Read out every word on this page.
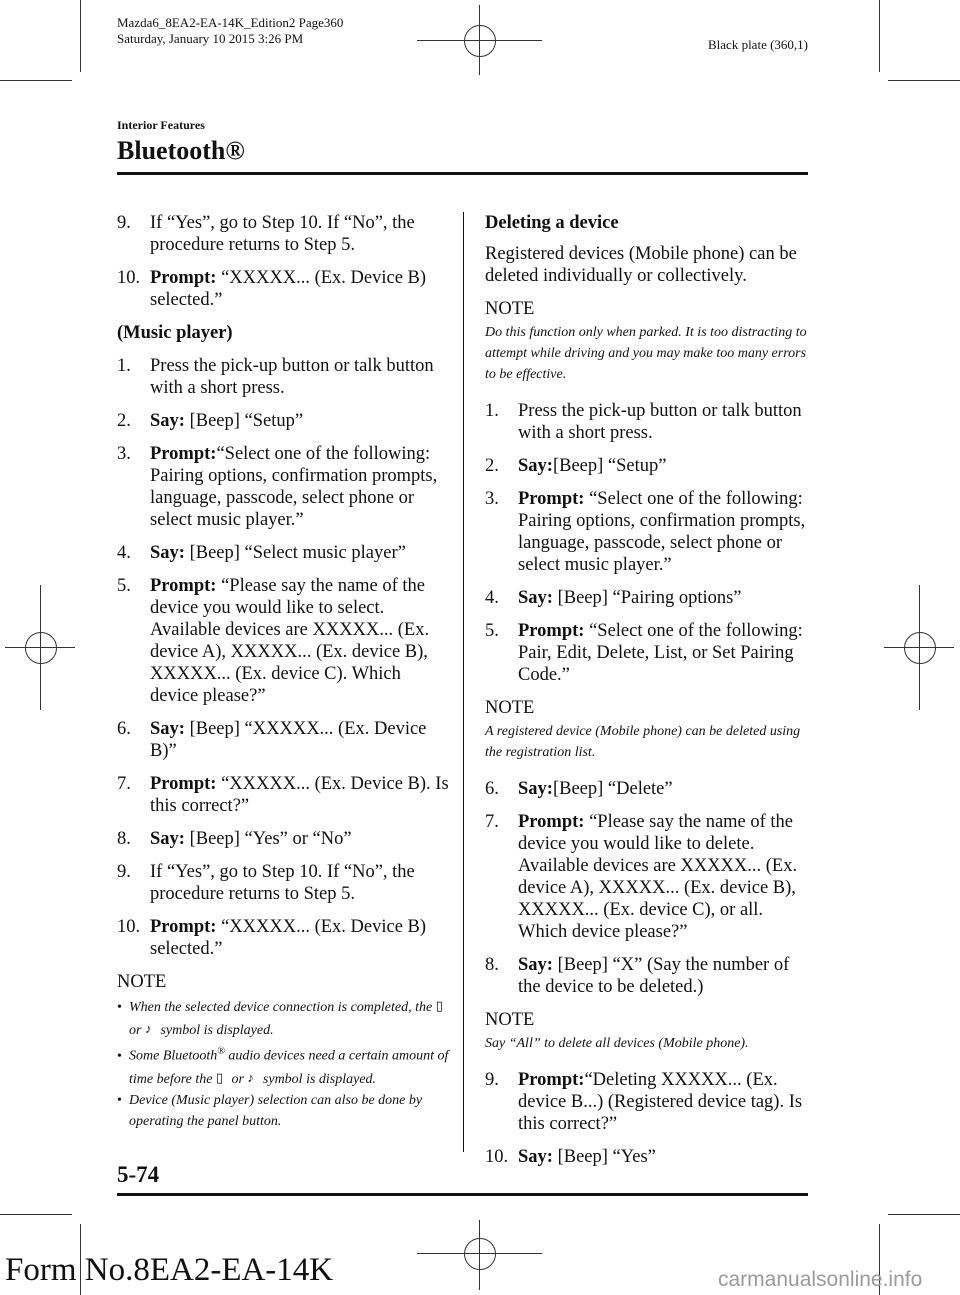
Mazda6_8EA2-EA-14K_Edition2 Page360
Saturday, January 10 2015 3:26 PM	Black plate (360,1)
Interior Features
Bluetooth®

9. If “Yes”, go to Step 10. If “No”, the procedure returns to Step 5.

10. Prompt: “XXXXX... (Ex. Device B) selected.”

(Music player)

1. Press the pick-up button or talk button with a short press.

2. Say: [Beep] “Setup”

3. Prompt:“Select one of the following: Pairing options, confirmation prompts, language, passcode, select phone or select music player.”

4. Say: [Beep] “Select music player”

5. Prompt: “Please say the name of the device you would like to select. Available devices are XXXXX... (Ex. device A), XXXXX... (Ex. device B), XXXXX... (Ex. device C). Which device please?”

6. Say: [Beep] “XXXXX... (Ex. Device B)”

7. Prompt: “XXXXX... (Ex. Device B). Is this correct?”

8. Say: [Beep] “Yes” or “No”

9. If “Yes”, go to Step 10. If “No”, the procedure returns to Step 5.

10. Prompt: “XXXXX... (Ex. Device B) selected.”

NOTE

• When the selected device connection is completed, the ▯ or ♪ symbol is displayed.

• Some Bluetooth® audio devices need a certain amount of time before the ▯ or ♪ symbol is displayed.

• Device (Music player) selection can also be done by operating the panel button.

Deleting a device

Registered devices (Mobile phone) can be deleted individually or collectively.

NOTE

Do this function only when parked. It is too distracting to attempt while driving and you may make too many errors to be effective.

1. Press the pick-up button or talk button with a short press.

2. Say:[Beep] “Setup”

3. Prompt: “Select one of the following: Pairing options, confirmation prompts, language, passcode, select phone or select music player.”

4. Say: [Beep] “Pairing options”

5. Prompt: “Select one of the following: Pair, Edit, Delete, List, or Set Pairing Code.”

NOTE

A registered device (Mobile phone) can be deleted using the registration list.

6. Say:[Beep] “Delete”

7. Prompt: “Please say the name of the device you would like to delete. Available devices are XXXXX... (Ex. device A), XXXXX... (Ex. device B), XXXXX... (Ex. device C), or all. Which device please?”

8. Say: [Beep] “X” (Say the number of the device to be deleted.)

NOTE

Say “All” to delete all devices (Mobile phone).

9. Prompt:“Deleting XXXXX... (Ex. device B...) (Registered device tag). Is this correct?”

10. Say: [Beep] “Yes”

5-74
Form No.8EA2-EA-14K	carmanualsonline.info
